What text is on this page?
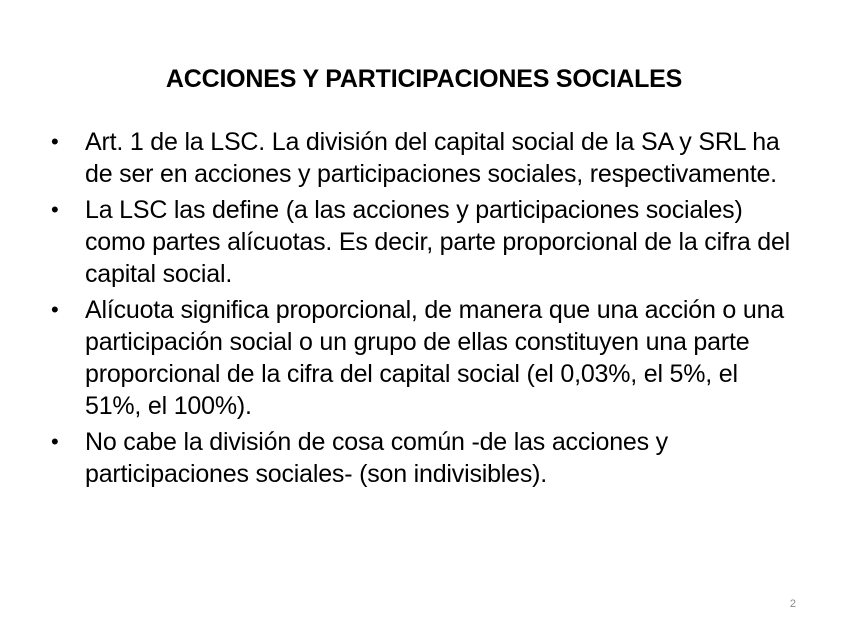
ACCIONES Y PARTICIPACIONES SOCIALES
• Art. 1 de la LSC. La división del capital social de la SA y SRL ha de ser en acciones y participaciones sociales, respectivamente.
• La LSC las define (a las acciones y participaciones sociales) como partes alícuotas. Es decir, parte proporcional de la cifra del capital social.
• Alícuota significa proporcional, de manera que una acción o una participación social o un grupo de ellas constituyen una parte proporcional de la cifra del capital social (el 0,03%, el 5%, el 51%, el 100%).
• No cabe la división de cosa común -de las acciones y participaciones sociales- (son indivisibles).
2
